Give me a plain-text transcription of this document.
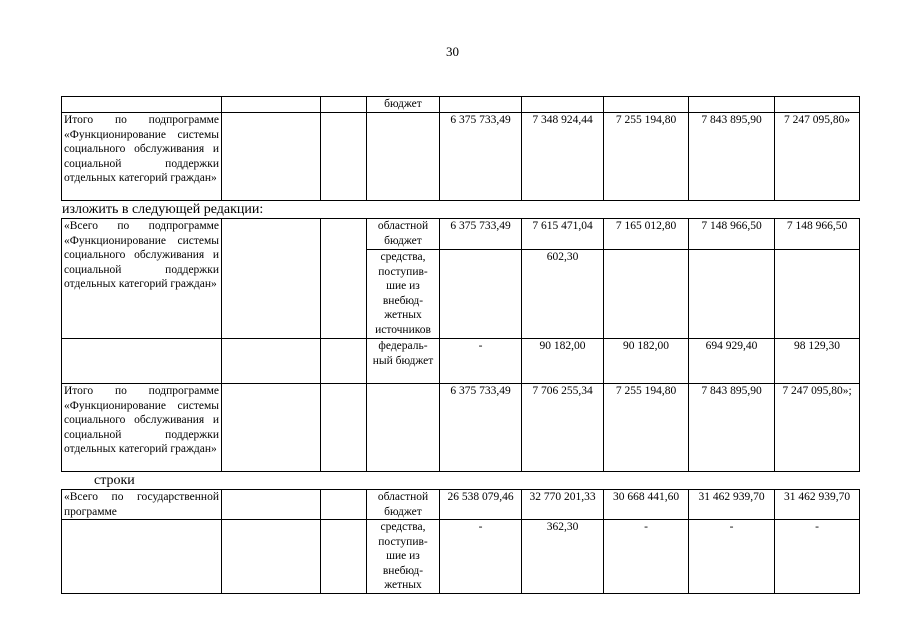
30
			бюджет					
Итого по подпрограмме «Функционирование системы социального обслуживания и социальной поддержки отдельных категорий граждан»				6 375 733,49	7 348 924,44	7 255 194,80	7 843 895,90	7 247 095,80»
изложить в следующей редакции:
«Всего по подпрограмме «Функционирование системы социального обслуживания и социальной поддержки отдельных категорий граждан»			областной бюджет	6 375 733,49	7 615 471,04	7 165 012,80	7 148 966,50	7 148 966,50
			средства, поступив-шие из внебюд-жетных источников		602,30			
			федераль-ный бюджет	-	90 182,00	90 182,00	694 929,40	98 129,30
Итого по подпрограмме «Функционирование системы социального обслуживания и социальной поддержки отдельных категорий граждан»				6 375 733,49	7 706 255,34	7 255 194,80	7 843 895,90	7 247 095,80»;
строки
«Всего по государственной программе			областной бюджет	26 538 079,46	32 770 201,33	30 668 441,60	31 462 939,70	31 462 939,70
			средства, поступив-шие из внебюд-жетных	-	362,30	-	-	-
